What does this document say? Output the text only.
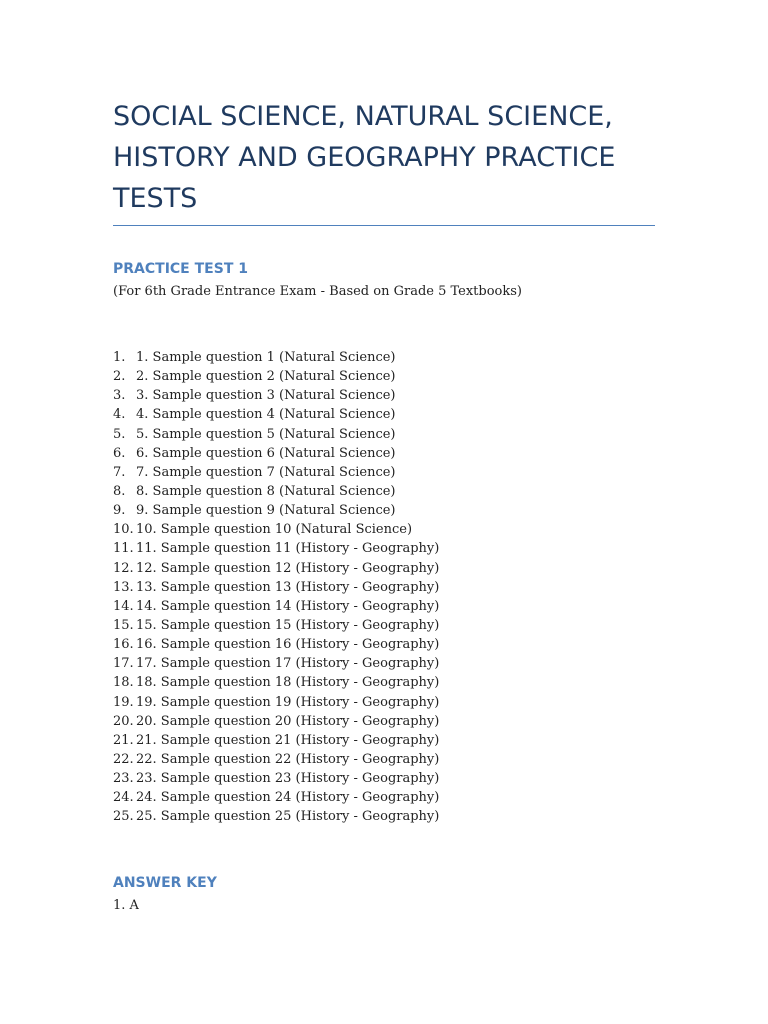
SOCIAL SCIENCE, NATURAL SCIENCE, HISTORY AND GEOGRAPHY PRACTICE TESTS
PRACTICE TEST 1
(For 6th Grade Entrance Exam - Based on Grade 5 Textbooks)
1. 1. Sample question 1 (Natural Science)
2. 2. Sample question 2 (Natural Science)
3. 3. Sample question 3 (Natural Science)
4. 4. Sample question 4 (Natural Science)
5. 5. Sample question 5 (Natural Science)
6. 6. Sample question 6 (Natural Science)
7. 7. Sample question 7 (Natural Science)
8. 8. Sample question 8 (Natural Science)
9. 9. Sample question 9 (Natural Science)
10. 10. Sample question 10 (Natural Science)
11. 11. Sample question 11 (History - Geography)
12. 12. Sample question 12 (History - Geography)
13. 13. Sample question 13 (History - Geography)
14. 14. Sample question 14 (History - Geography)
15. 15. Sample question 15 (History - Geography)
16. 16. Sample question 16 (History - Geography)
17. 17. Sample question 17 (History - Geography)
18. 18. Sample question 18 (History - Geography)
19. 19. Sample question 19 (History - Geography)
20. 20. Sample question 20 (History - Geography)
21. 21. Sample question 21 (History - Geography)
22. 22. Sample question 22 (History - Geography)
23. 23. Sample question 23 (History - Geography)
24. 24. Sample question 24 (History - Geography)
25. 25. Sample question 25 (History - Geography)
ANSWER KEY
1. A
